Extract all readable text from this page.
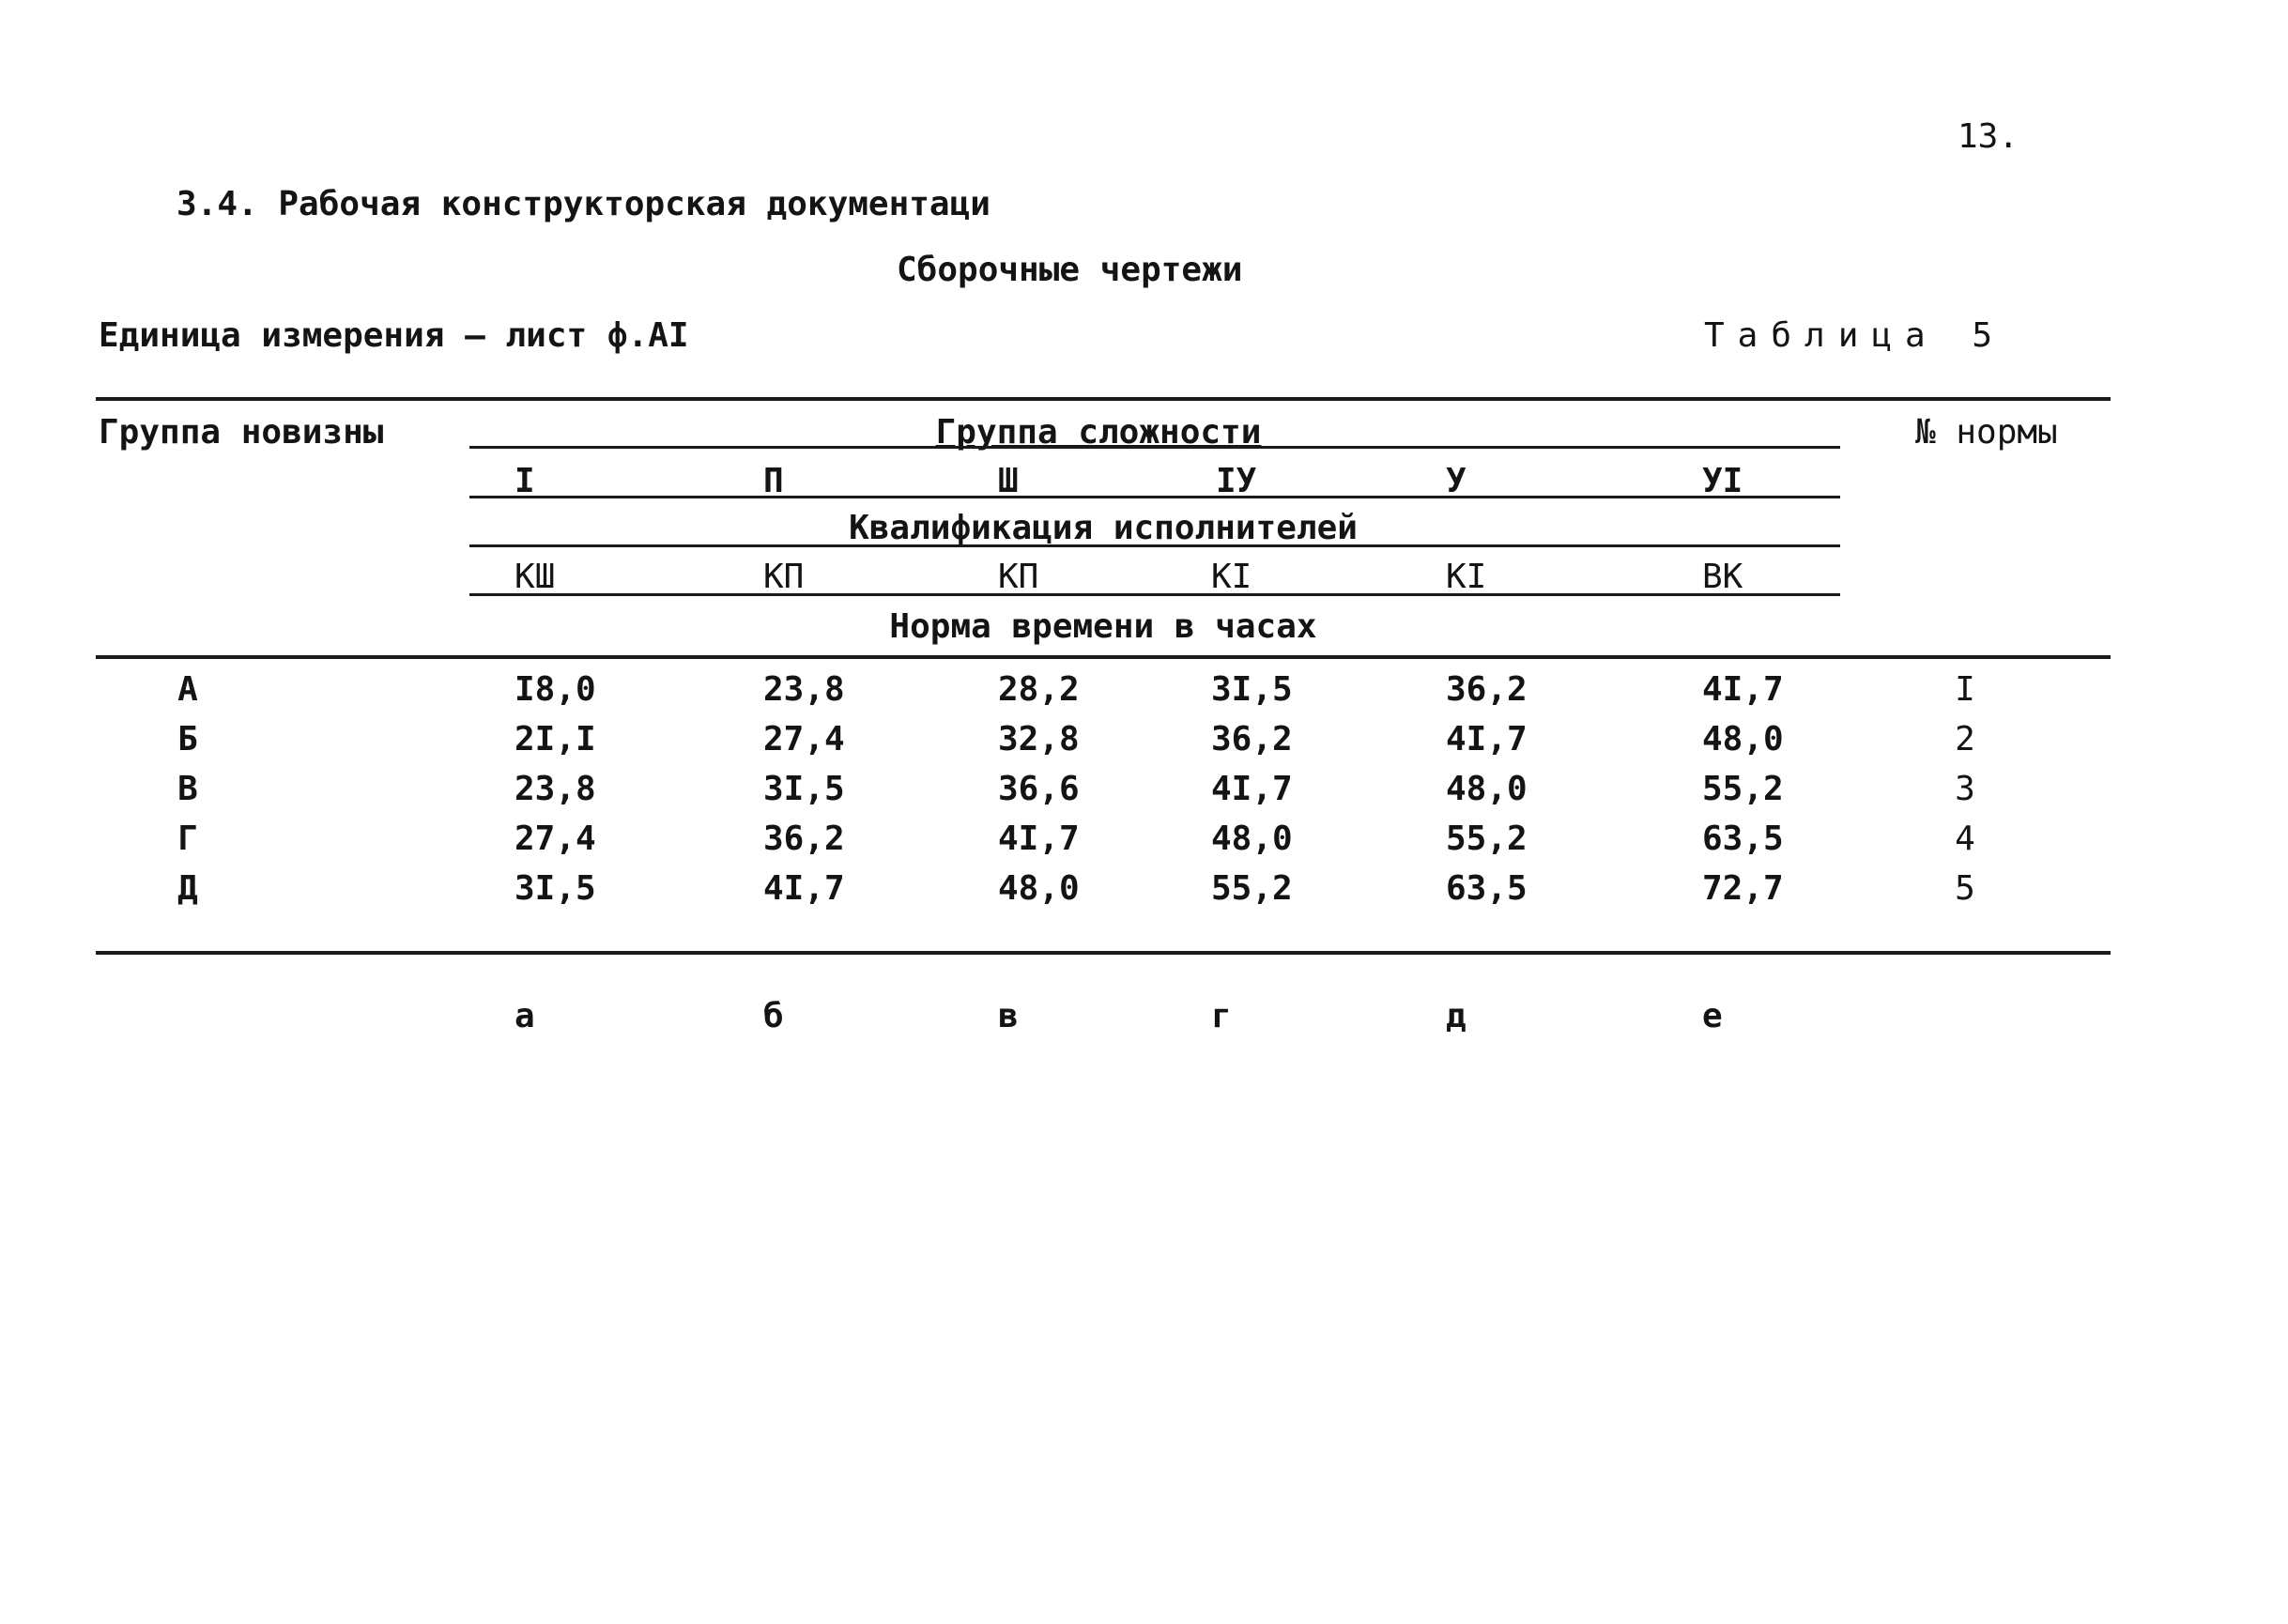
13.
3.4. Рабочая конструкторская документаци
Сборочные чертежи
Единица измерения – лист ф.АI	Таблица 5
Группа новизны	№ нормы
Группа сложности
I	П	Ш	IУ	У	УI
Квалификация исполнителей
КШ	КП	КП	КI	КI	ВК
Норма времени в часах
А	I8,0	23,8	28,2	3I,5	36,2	4I,7	I
Б	2I,I	27,4	32,8	36,2	4I,7	48,0	2
В	23,8	3I,5	36,6	4I,7	48,0	55,2	3
Г	27,4	36,2	4I,7	48,0	55,2	63,5	4
Д	3I,5	4I,7	48,0	55,2	63,5	72,7	5
а	б	в	г	д	е
